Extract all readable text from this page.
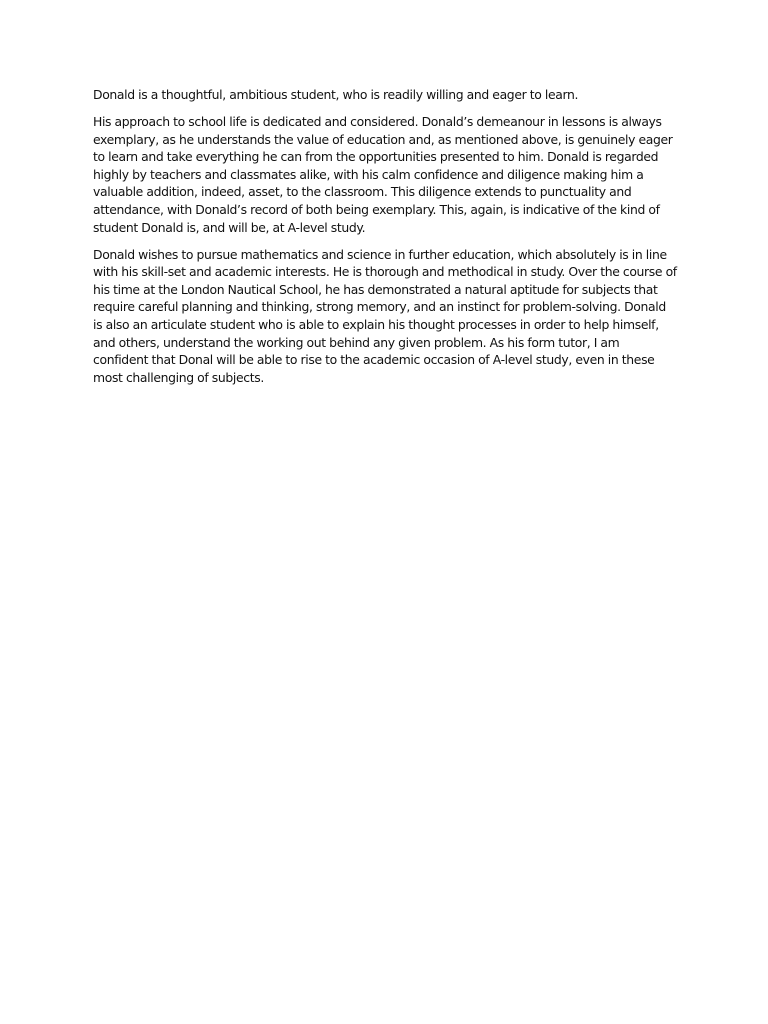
Donald is a thoughtful, ambitious student, who is readily willing and eager to learn.

His approach to school life is dedicated and considered. Donald’s demeanour in lessons is always exemplary, as he understands the value of education and, as mentioned above, is genuinely eager to learn and take everything he can from the opportunities presented to him. Donald is regarded highly by teachers and classmates alike, with his calm confidence and diligence making him a valuable addition, indeed, asset, to the classroom. This diligence extends to punctuality and attendance, with Donald’s record of both being exemplary. This, again, is indicative of the kind of student Donald is, and will be, at A-level study.

Donald wishes to pursue mathematics and science in further education, which absolutely is in line with his skill-set and academic interests. He is thorough and methodical in study. Over the course of his time at the London Nautical School, he has demonstrated a natural aptitude for subjects that require careful planning and thinking, strong memory, and an instinct for problem-solving. Donald is also an articulate student who is able to explain his thought processes in order to help himself, and others, understand the working out behind any given problem. As his form tutor, I am confident that Donal will be able to rise to the academic occasion of A-level study, even in these most challenging of subjects.
